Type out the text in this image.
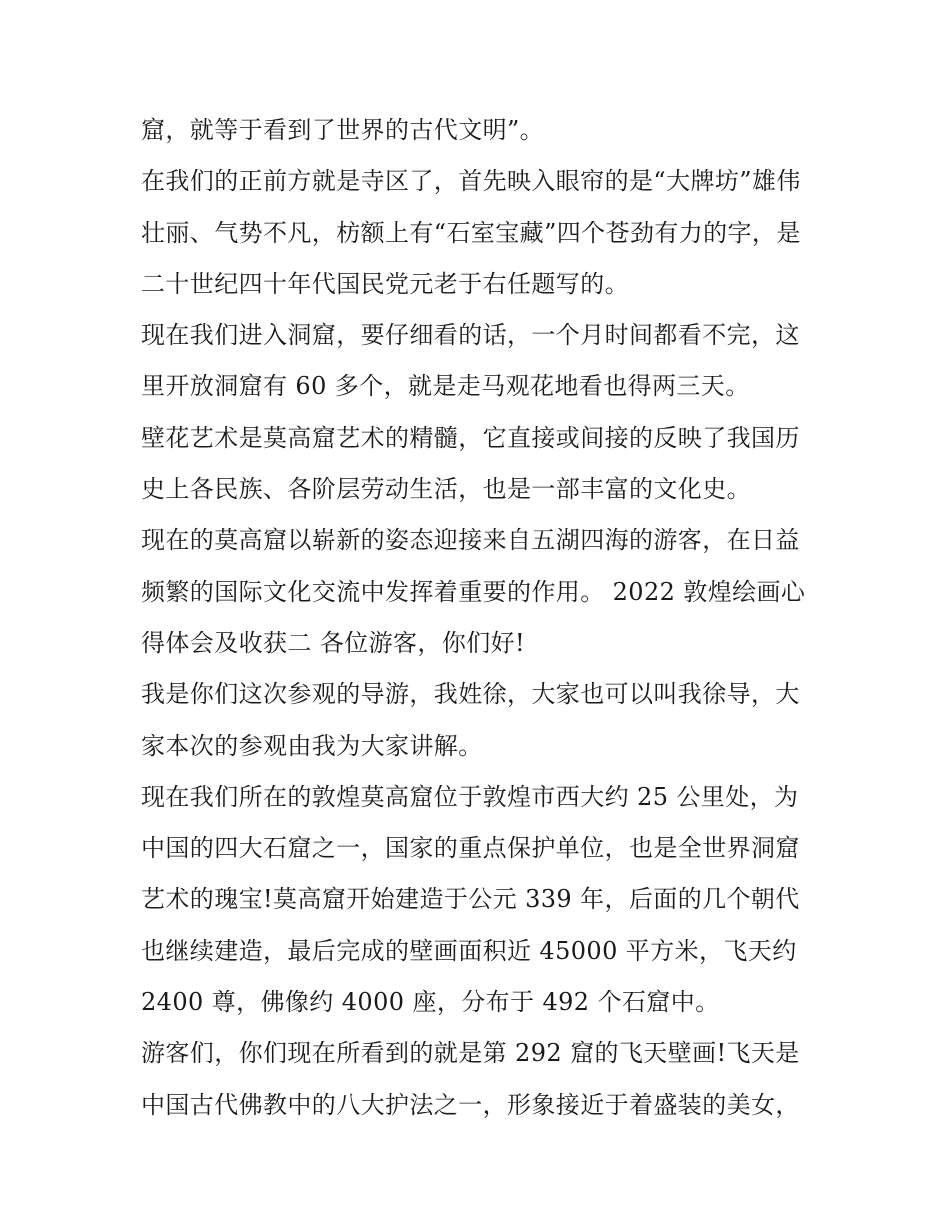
窟，就等于看到了世界的古代文明”。
在我们的正前方就是寺区了，首先映入眼帘的是“大牌坊”雄伟
壮丽、气势不凡，枋额上有“石室宝藏”四个苍劲有力的字，是
二十世纪四十年代国民党元老于右任题写的。
现在我们进入洞窟，要仔细看的话，一个月时间都看不完，这
里开放洞窟有 60 多个，就是走马观花地看也得两三天。
壁花艺术是莫高窟艺术的精髓，它直接或间接的反映了我国历
史上各民族、各阶层劳动生活，也是一部丰富的文化史。
现在的莫高窟以崭新的姿态迎接来自五湖四海的游客，在日益
频繁的国际文化交流中发挥着重要的作用。 2022 敦煌绘画心
得体会及收获二 各位游客，你们好!
我是你们这次参观的导游，我姓徐，大家也可以叫我徐导，大
家本次的参观由我为大家讲解。
现在我们所在的敦煌莫高窟位于敦煌市西大约 25 公里处，为
中国的四大石窟之一，国家的重点保护单位，也是全世界洞窟
艺术的瑰宝!莫高窟开始建造于公元 339 年，后面的几个朝代
也继续建造，最后完成的壁画面积近 45000 平方米，飞天约
2400 尊，佛像约 4000 座，分布于 492 个石窟中。
游客们，你们现在所看到的就是第 292 窟的飞天壁画!飞天是
中国古代佛教中的八大护法之一，形象接近于着盛装的美女，
